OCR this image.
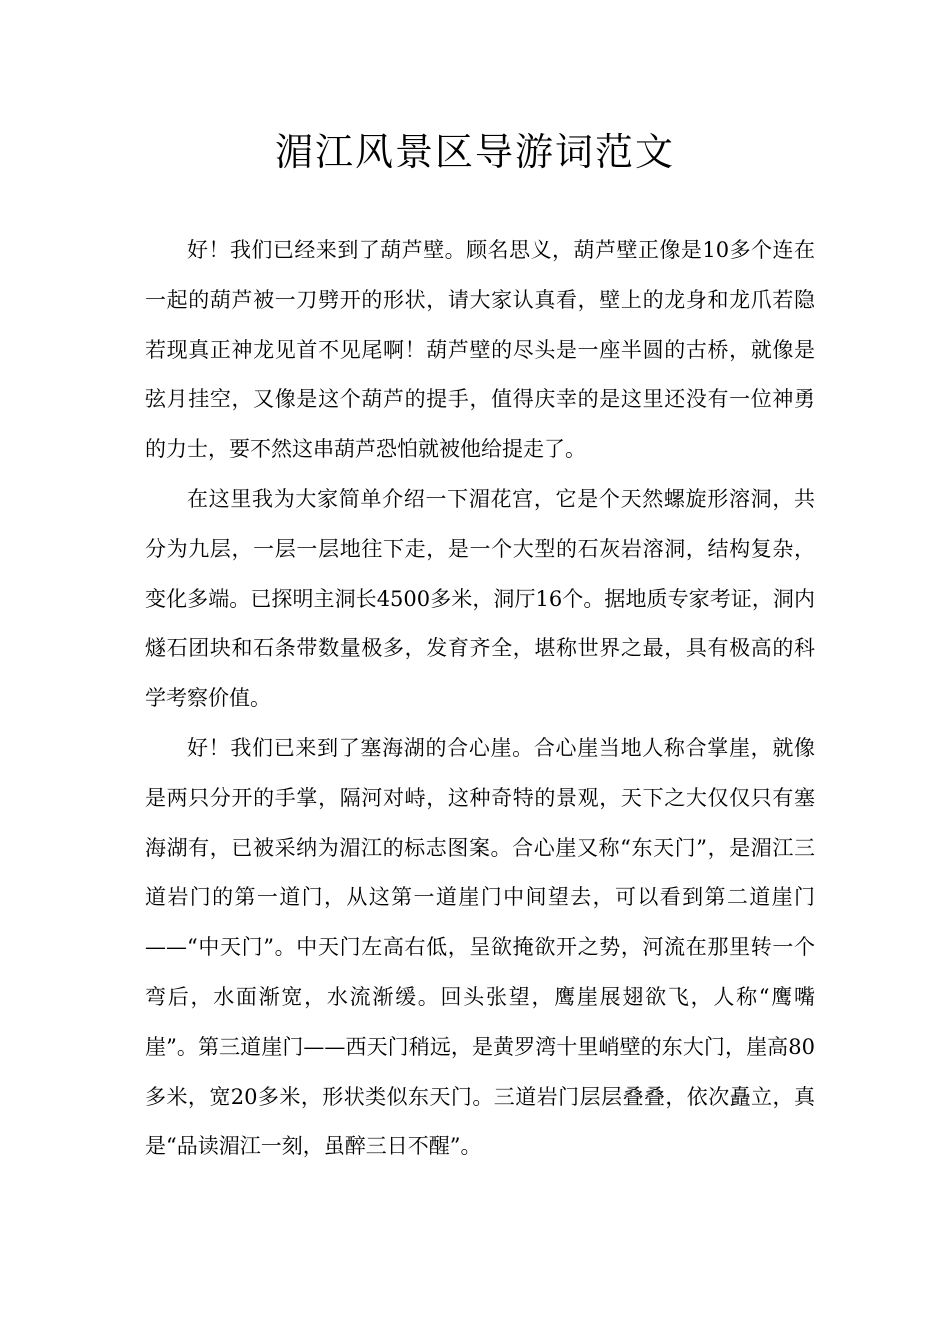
湄江风景区导游词范文

好！我们已经来到了葫芦壁。顾名思义，葫芦壁正像是10多个连在一起的葫芦被一刀劈开的形状，请大家认真看，壁上的龙身和龙爪若隐若现真正神龙见首不见尾啊！葫芦壁的尽头是一座半圆的古桥，就像是弦月挂空，又像是这个葫芦的提手，值得庆幸的是这里还没有一位神勇的力士，要不然这串葫芦恐怕就被他给提走了。

在这里我为大家简单介绍一下湄花宫，它是个天然螺旋形溶洞，共分为九层，一层一层地往下走，是一个大型的石灰岩溶洞，结构复杂，变化多端。已探明主洞长4500多米，洞厅16个。据地质专家考证，洞内燧石团块和石条带数量极多，发育齐全，堪称世界之最，具有极高的科学考察价值。

好！我们已来到了塞海湖的合心崖。合心崖当地人称合掌崖，就像是两只分开的手掌，隔河对峙，这种奇特的景观，天下之大仅仅只有塞海湖有，已被采纳为湄江的标志图案。合心崖又称“东天门”，是湄江三道岩门的第一道门，从这第一道崖门中间望去，可以看到第二道崖门——“中天门”。中天门左高右低，呈欲掩欲开之势，河流在那里转一个弯后，水面渐宽，水流渐缓。回头张望，鹰崖展翅欲飞，人称“鹰嘴崖”。第三道崖门——西天门稍远，是黄罗湾十里峭壁的东大门，崖高80多米，宽20多米，形状类似东天门。三道岩门层层叠叠，依次矗立，真是“品读湄江一刻，虽醉三日不醒”。
